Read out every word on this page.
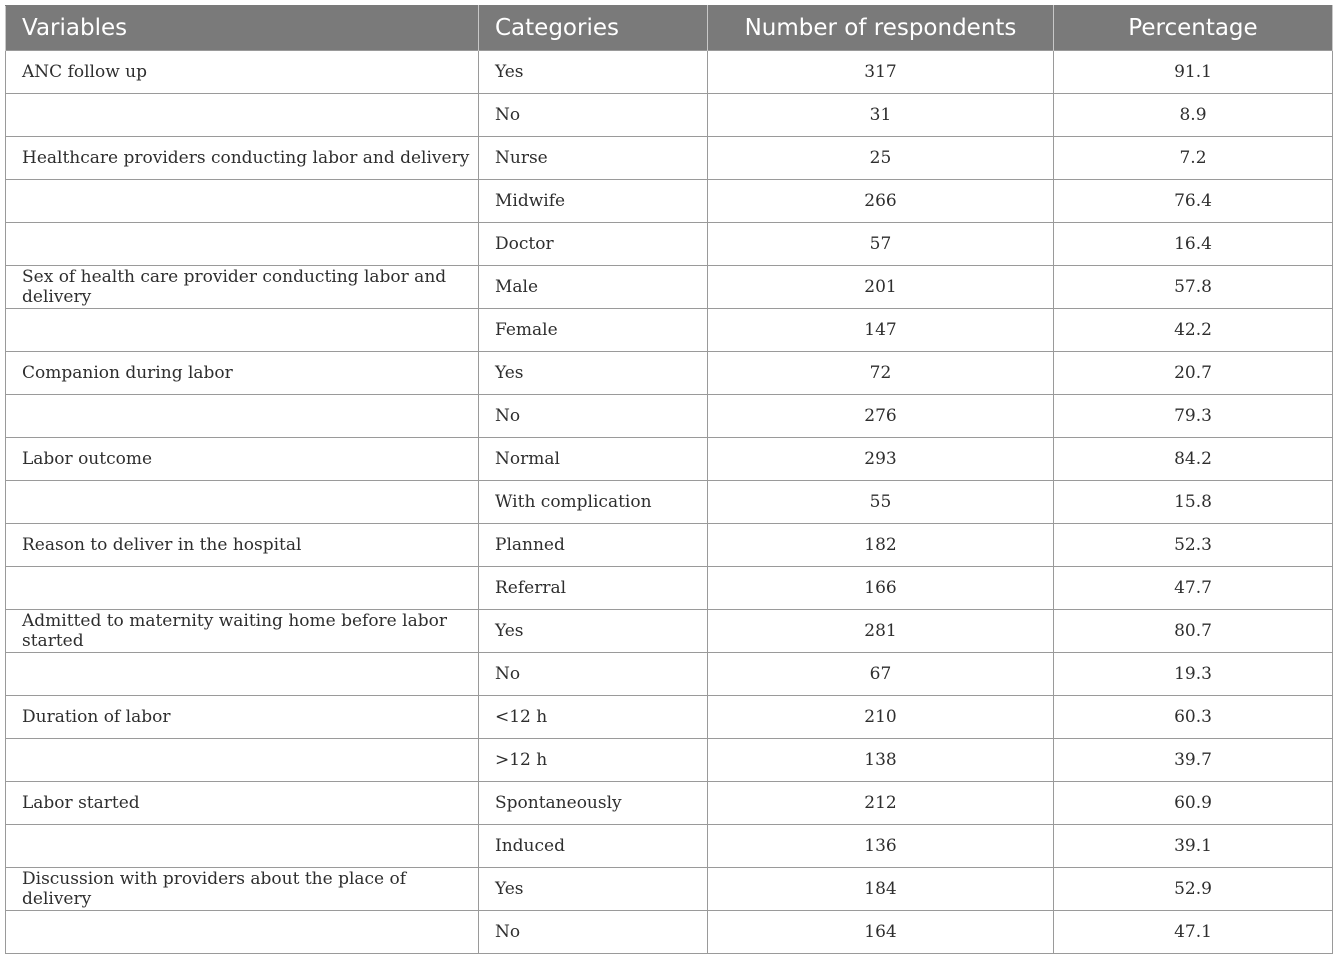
Variables	Categories	Number of respondents	Percentage
ANC follow up	Yes	317	91.1
	No	31	8.9
Healthcare providers conducting labor and delivery	Nurse	25	7.2
	Midwife	266	76.4
	Doctor	57	16.4
Sex of health care provider conducting labor and delivery	Male	201	57.8
	Female	147	42.2
Companion during labor	Yes	72	20.7
	No	276	79.3
Labor outcome	Normal	293	84.2
	With complication	55	15.8
Reason to deliver in the hospital	Planned	182	52.3
	Referral	166	47.7
Admitted to maternity waiting home before labor started	Yes	281	80.7
	No	67	19.3
Duration of labor	<12 h	210	60.3
	>12 h	138	39.7
Labor started	Spontaneously	212	60.9
	Induced	136	39.1
Discussion with providers about the place of delivery	Yes	184	52.9
	No	164	47.1
